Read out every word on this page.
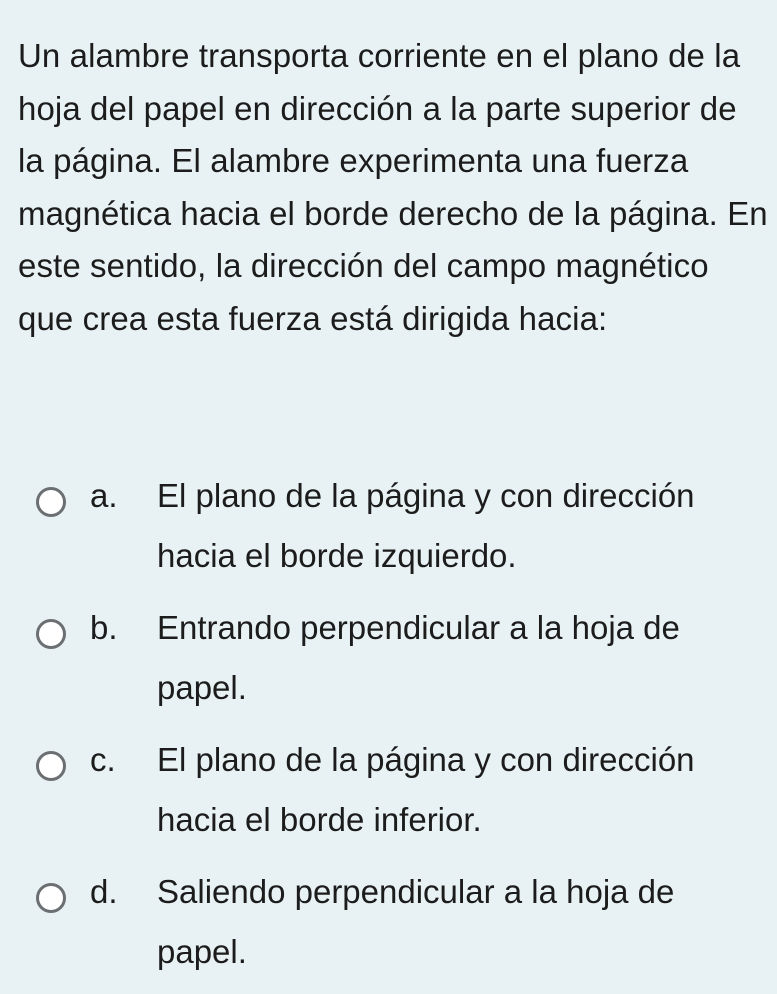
Un alambre transporta corriente en el plano de la hoja del papel en dirección a la parte superior de la página. El alambre experimenta una fuerza magnética hacia el borde derecho de la página. En este sentido, la dirección del campo magnético que crea esta fuerza está dirigida hacia:

a. El plano de la página y con dirección hacia el borde izquierdo.
b. Entrando perpendicular a la hoja de papel.
c. El plano de la página y con dirección hacia el borde inferior.
d. Saliendo perpendicular a la hoja de papel.
